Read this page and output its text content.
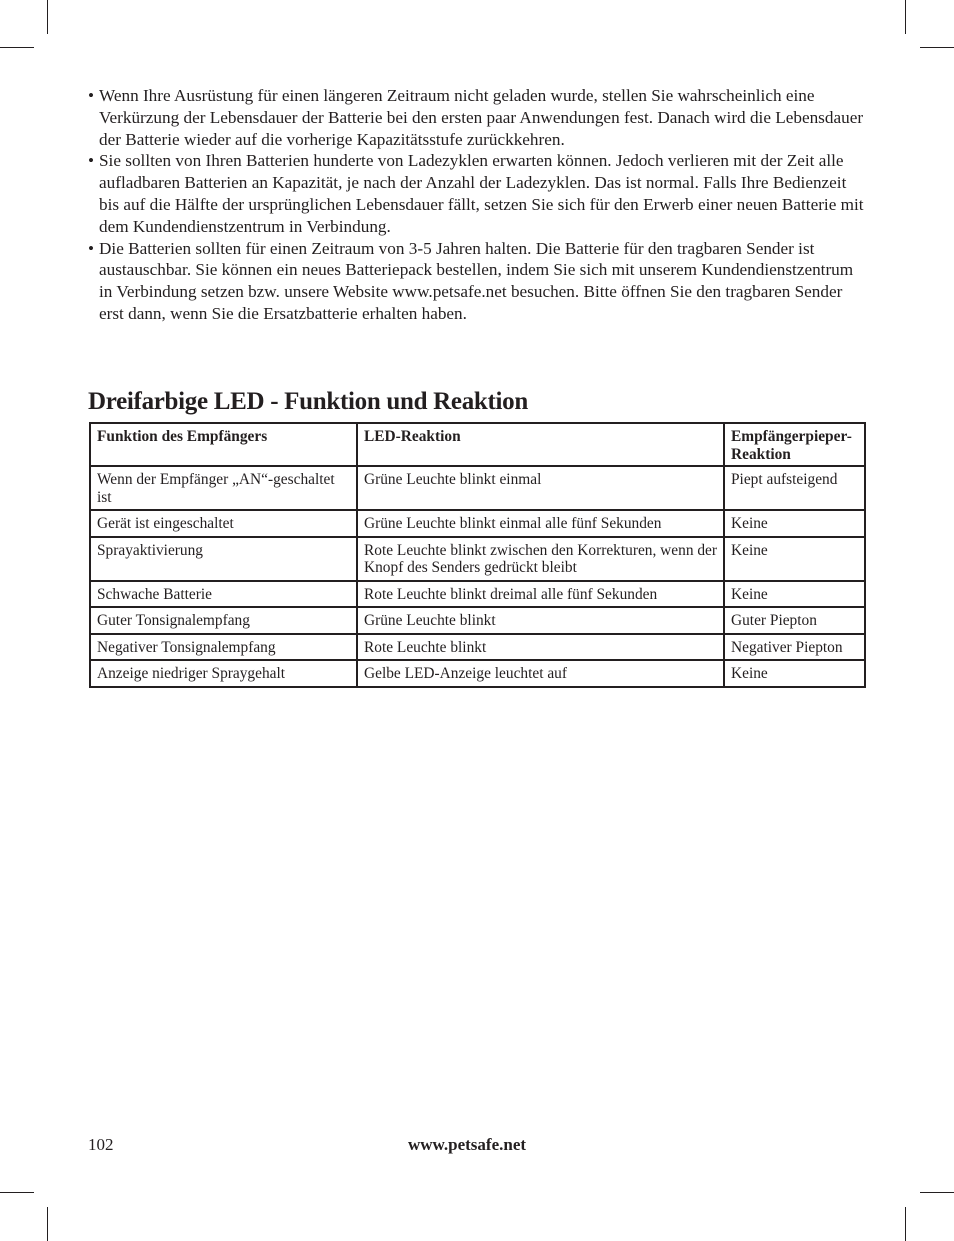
• Wenn Ihre Ausrüstung für einen längeren Zeitraum nicht geladen wurde, stellen Sie wahrscheinlich eine Verkürzung der Lebensdauer der Batterie bei den ersten paar Anwendungen fest. Danach wird die Lebensdauer der Batterie wieder auf die vorherige Kapazitätsstufe zurückkehren.
• Sie sollten von Ihren Batterien hunderte von Ladezyklen erwarten können. Jedoch verlieren mit der Zeit alle aufladbaren Batterien an Kapazität, je nach der Anzahl der Ladezyklen. Das ist normal. Falls Ihre Bedienzeit bis auf die Hälfte der ursprünglichen Lebensdauer fällt, setzen Sie sich für den Erwerb einer neuen Batterie mit dem Kundendienstzentrum in Verbindung.
• Die Batterien sollten für einen Zeitraum von 3-5 Jahren halten. Die Batterie für den tragbaren Sender ist austauschbar. Sie können ein neues Batteriepack bestellen, indem Sie sich mit unserem Kundendienstzentrum in Verbindung setzen bzw. unsere Website www.petsafe.net besuchen. Bitte öffnen Sie den tragbaren Sender erst dann, wenn Sie die Ersatzbatterie erhalten haben.
Dreifarbige LED - Funktion und Reaktion
Funktion des Empfängers	LED-Reaktion	Empfängerpieper-Reaktion
Wenn der Empfänger „AN“-geschaltet ist	Grüne Leuchte blinkt einmal	Piept aufsteigend
Gerät ist eingeschaltet	Grüne Leuchte blinkt einmal alle fünf Sekunden	Keine
Sprayaktivierung	Rote Leuchte blinkt zwischen den Korrekturen, wenn der Knopf des Senders gedrückt bleibt	Keine
Schwache Batterie	Rote Leuchte blinkt dreimal alle fünf Sekunden	Keine
Guter Tonsignalempfang	Grüne Leuchte blinkt	Guter Piepton
Negativer Tonsignalempfang	Rote Leuchte blinkt	Negativer Piepton
Anzeige niedriger Spraygehalt	Gelbe LED-Anzeige leuchtet auf	Keine
102	www.petsafe.net
